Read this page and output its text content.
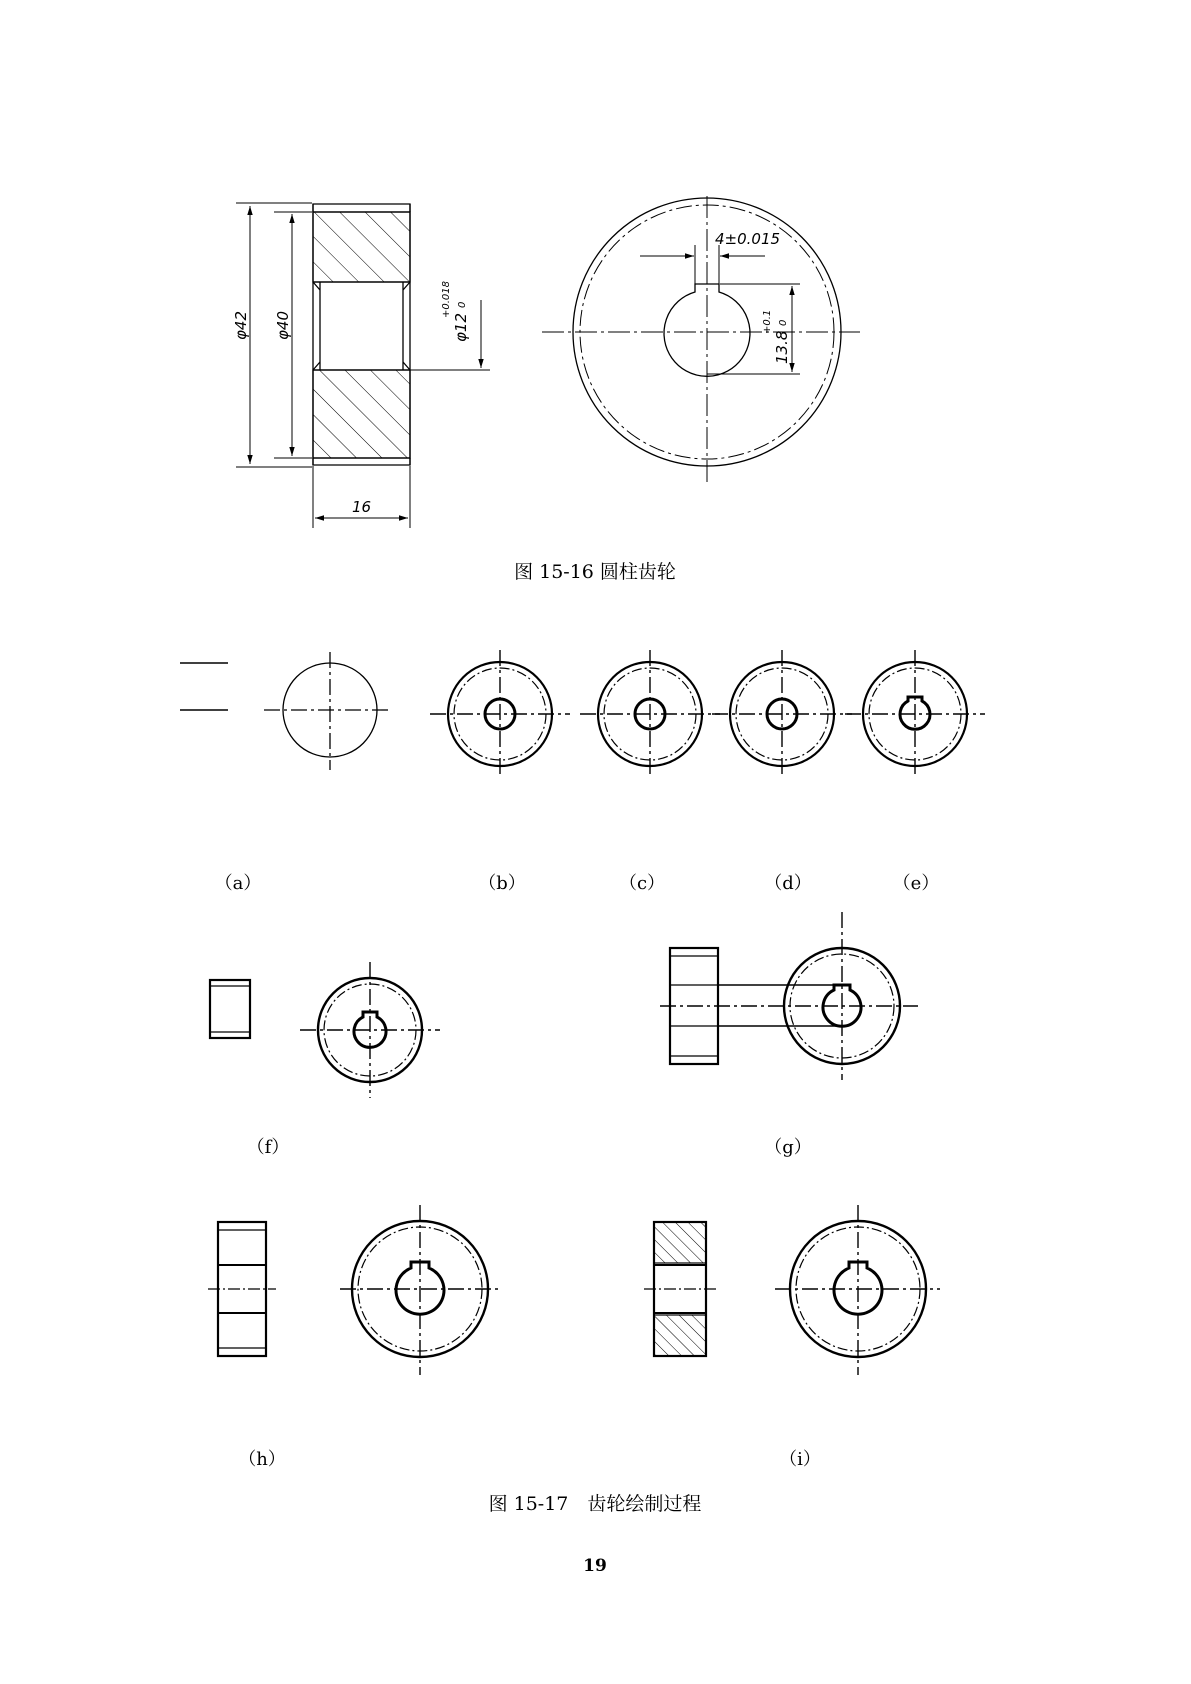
φ42 φ40	φ12
+0.018 0
16
4±0.015
13.8
+0.1 0
图 15-16 圆柱齿轮
（a）	（b）	（c）	（d）	（e）
（f）	（g）
（h）	（i）
图 15-17　齿轮绘制过程
19
